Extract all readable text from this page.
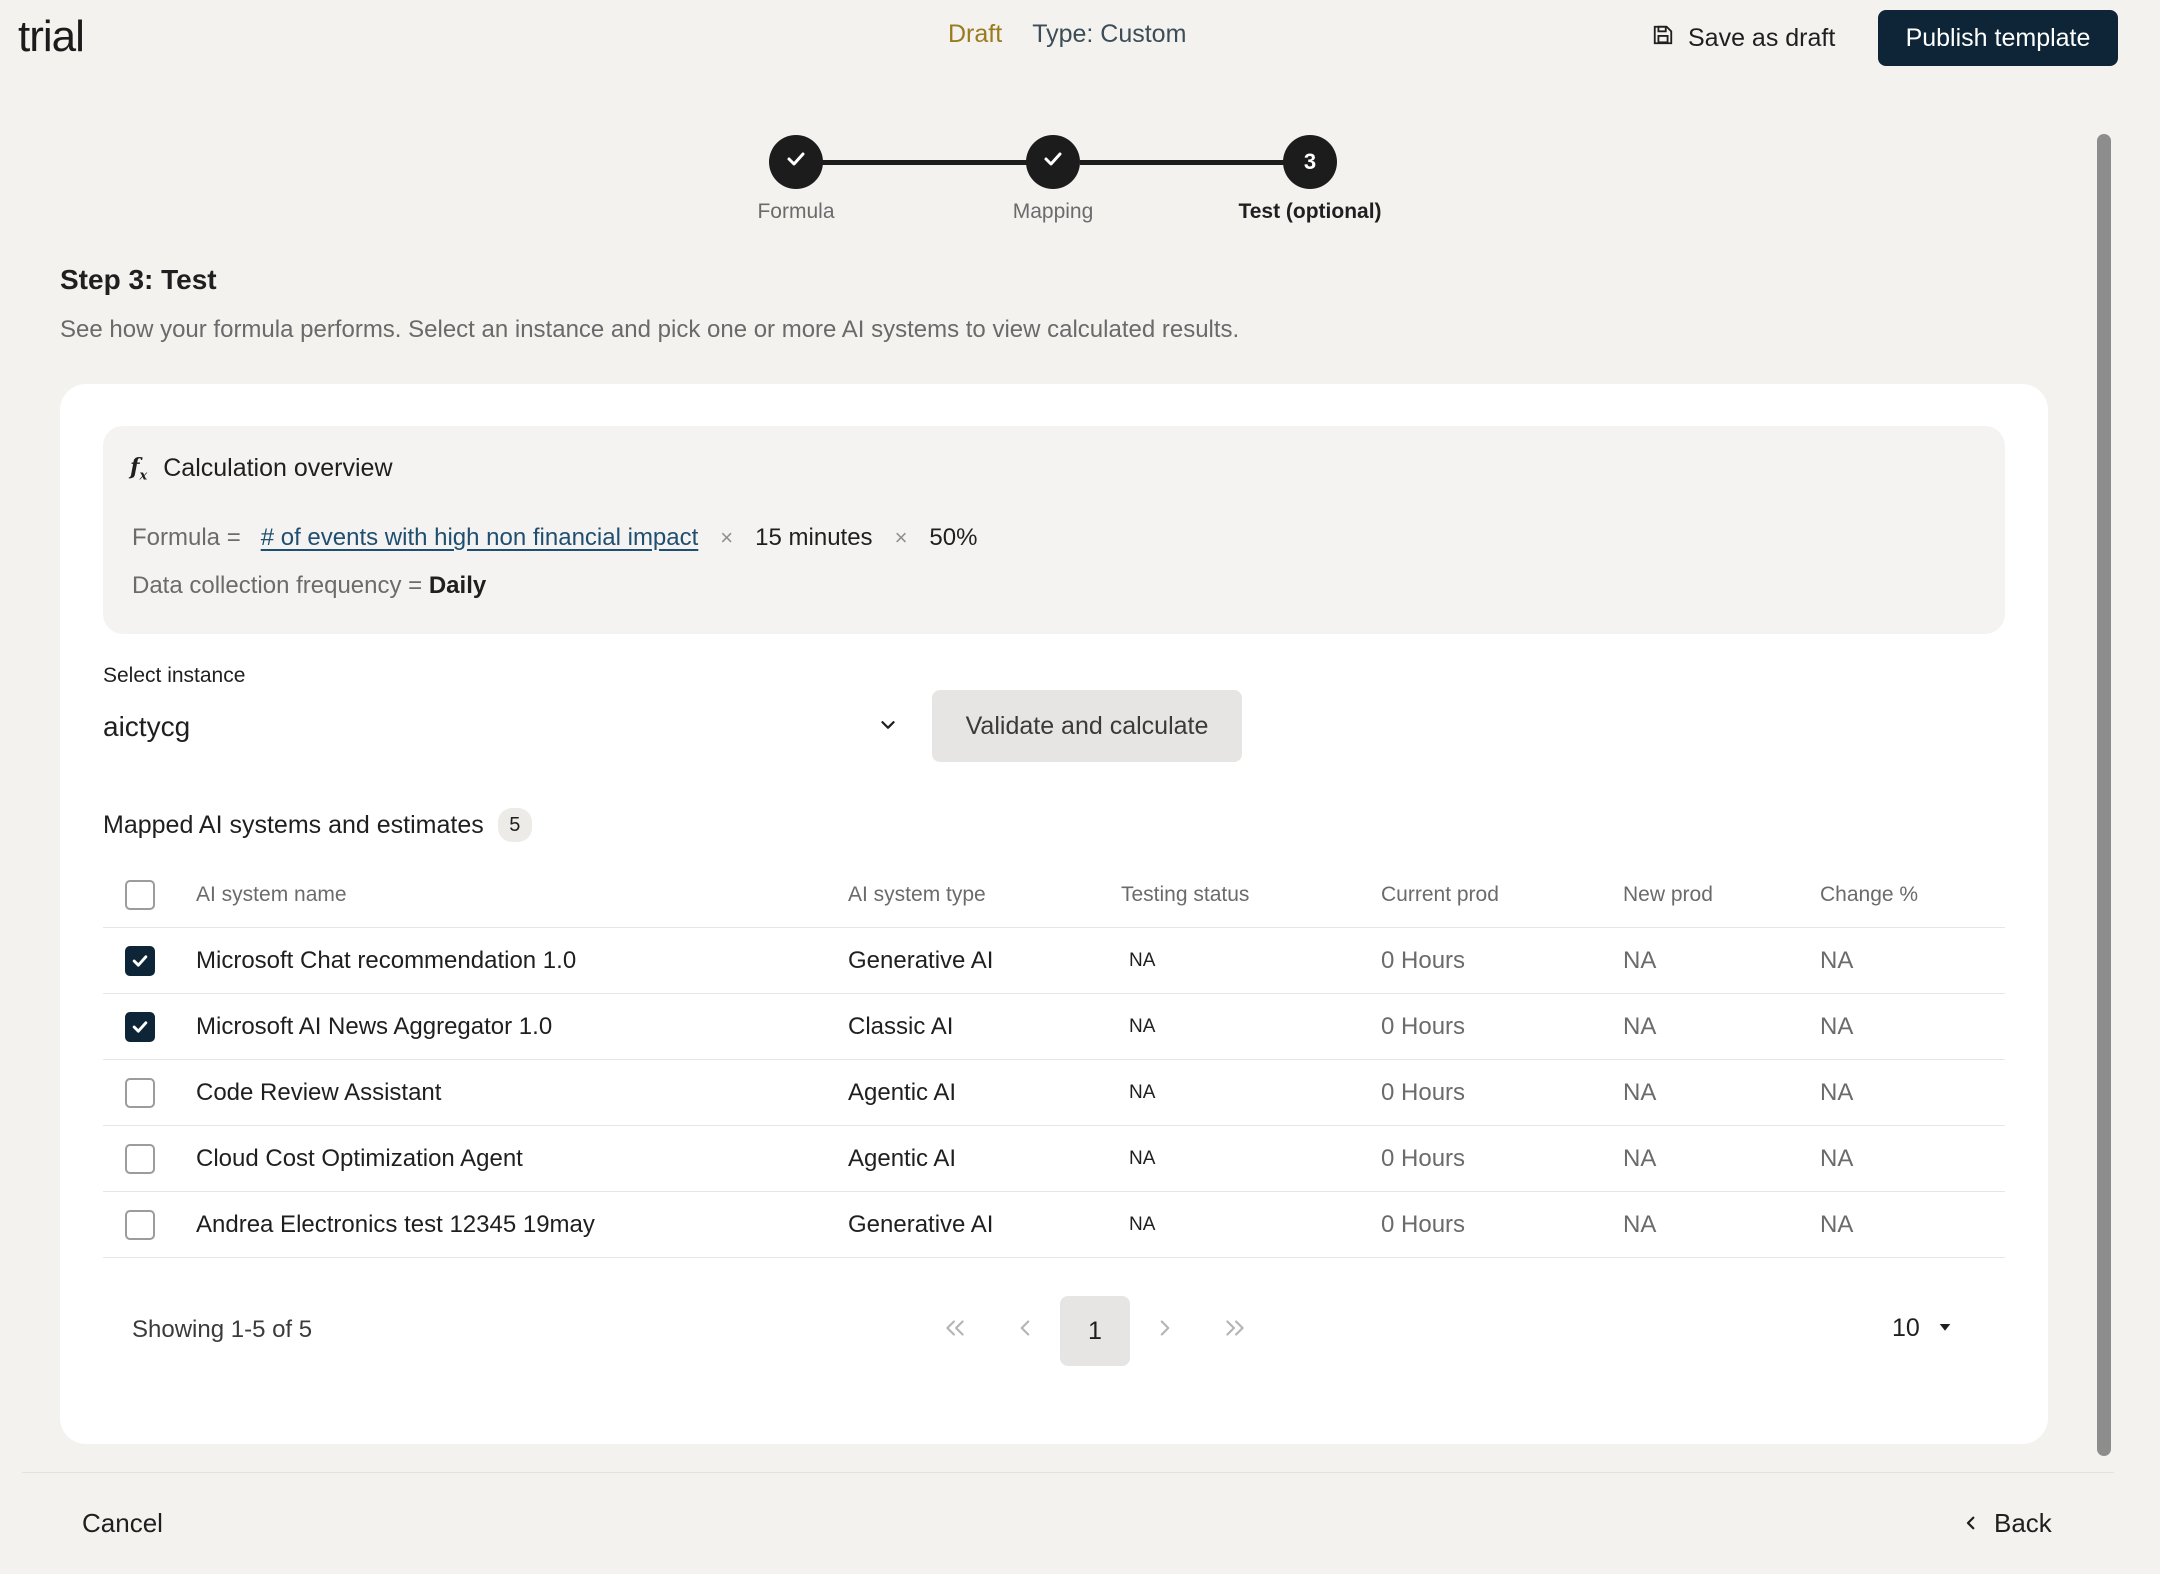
trial	Draft Type: Custom	Save as draft	Publish template
3
Formula	Mapping	Test (optional)
Step 3: Test
See how your formula performs. Select an instance and pick one or more AI systems to view calculated results.
$f_x$ Calculation overview
Formula = # of events with high non financial impact × 15 minutes × 50%
Data collection frequency = Daily
Select instance
aictycg	Validate and calculate
Mapped AI systems and estimates	5
AI system name	AI system type	Testing status	Current prod	New prod	Change %
Microsoft Chat recommendation 1.0	Generative AI	NA	0 Hours	NA	NA
Microsoft AI News Aggregator 1.0	Classic AI	NA	0 Hours	NA	NA
Code Review Assistant	Agentic AI	NA	0 Hours	NA	NA
Cloud Cost Optimization Agent	Agentic AI	NA	0 Hours	NA	NA
Andrea Electronics test 12345 19may	Generative AI	NA	0 Hours	NA	NA
Showing 1-5 of 5	1	10
Cancel	Back
